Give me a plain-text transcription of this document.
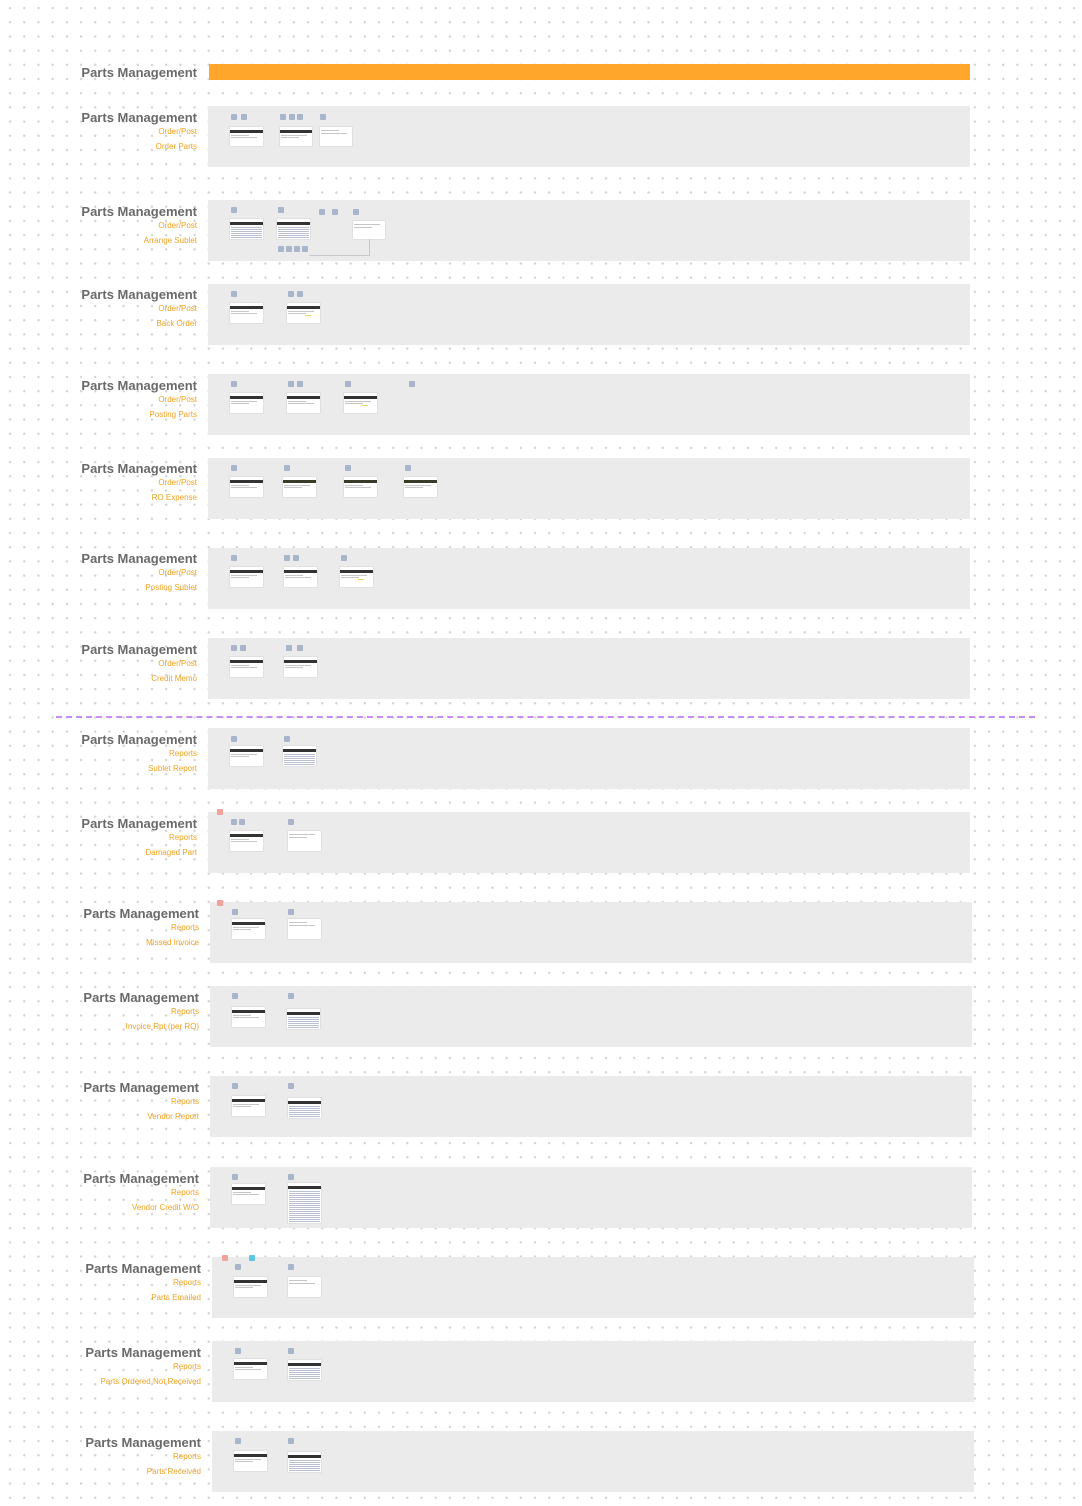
Parts Management
Parts Management
Order/Post
Order Parts
Parts Management
Order/Post
Arrange Sublet
Parts Management
Order/Post
Back Order
Parts Management
Order/Post
Posting Parts
Parts Management
Order/Post
RO Expense
Parts Management
Order/Post
Posting Sublet
Parts Management
Order/Post
Credit Memo
Parts Management
Reports
Sublet Report
Parts Management
Reports
Damaged Part
Parts Management
Reports
Missed Invoice
Parts Management
Reports
Invoice Rpt (per RO)
Parts Management
Reports
Vendor Report
Parts Management
Reports
Vendor Credit W/O
Parts Management
Reports
Parts Emailed
Parts Management
Reports
Parts Ordered Not Received
Parts Management
Reports
Parts Received
